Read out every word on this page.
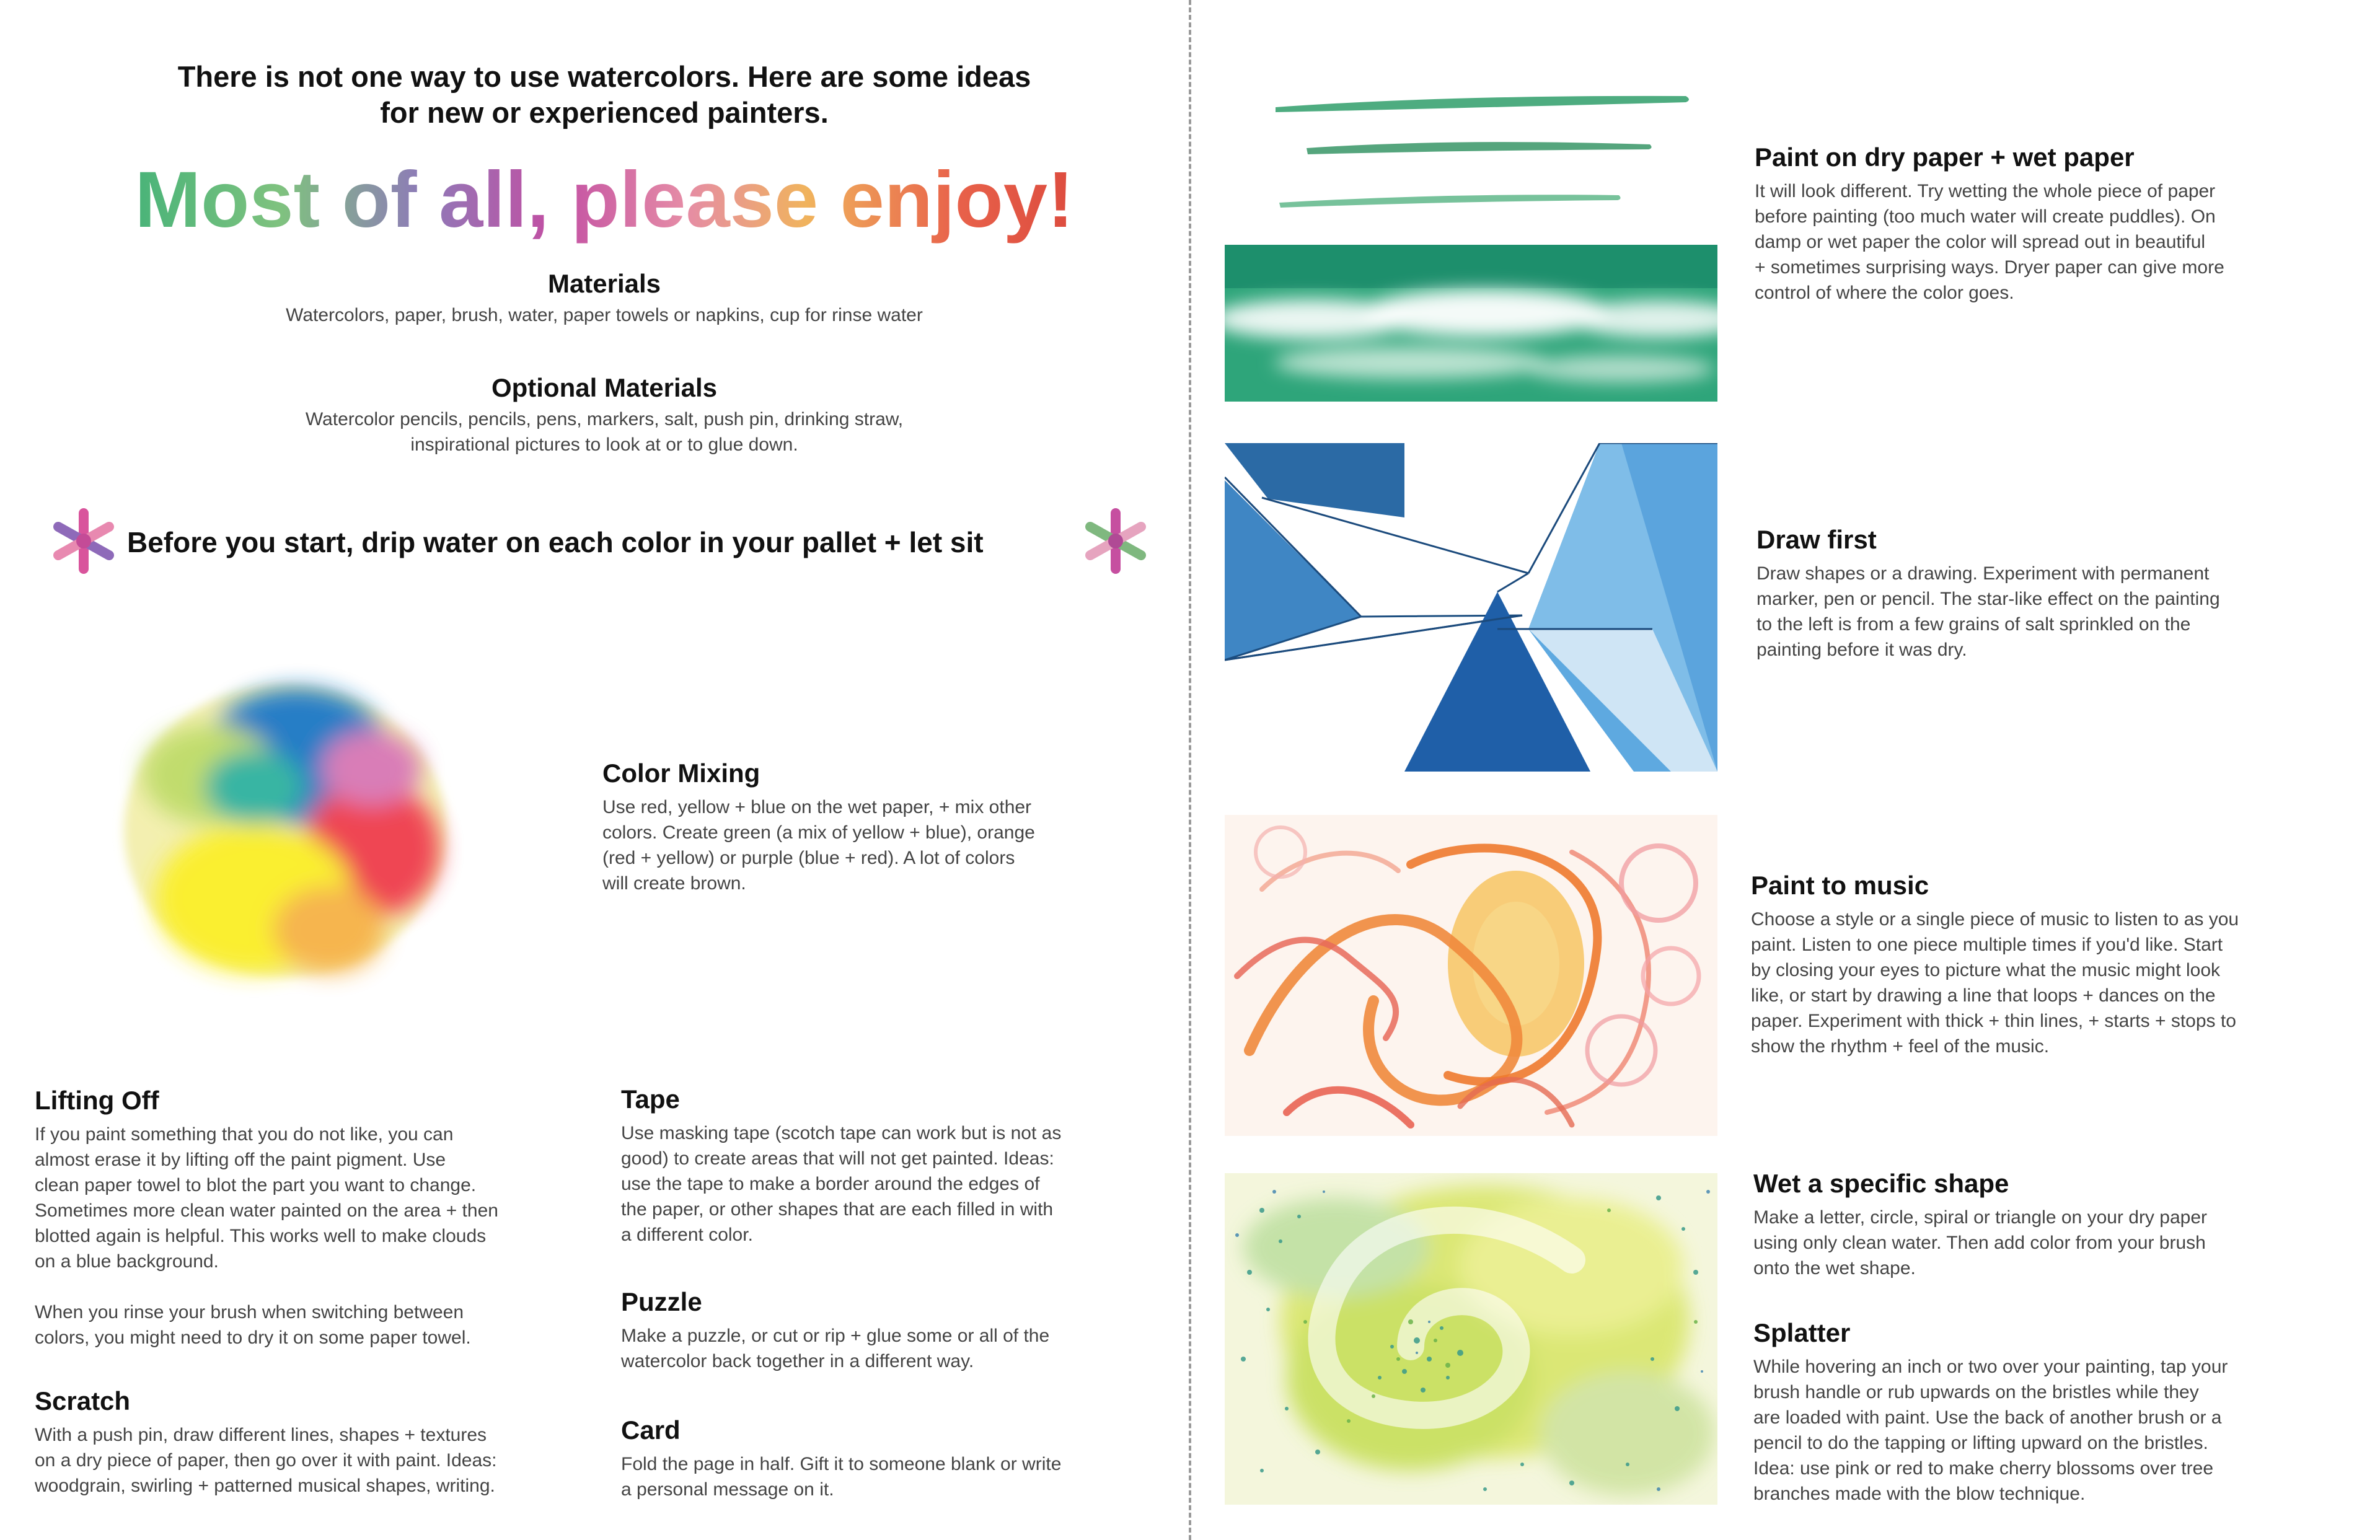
There is not one way to use watercolors. Here are some ideas
for new or experienced painters.
Most of all, please enjoy!
Materials
Watercolors, paper, brush, water, paper towels or napkins, cup for rinse water
Optional Materials
Watercolor pencils, pencils, pens, markers, salt, push pin, drinking straw,
inspirational pictures to look at or to glue down.
Before you start, drip water on each color in your pallet + let sit
Color Mixing
Use red, yellow + blue on the wet paper, + mix other
colors. Create green (a mix of yellow + blue), orange
(red + yellow) or purple (blue + red). A lot of colors
will create brown.
Lifting Off
If you paint something that you do not like, you can
almost erase it by lifting off the paint pigment. Use
clean paper towel to blot the part you want to change.
Sometimes more clean water painted on the area + then
blotted again is helpful. This works well to make clouds
on a blue background.
When you rinse your brush when switching between
colors, you might need to dry it on some paper towel.
Scratch
With a push pin, draw different lines, shapes + textures
on a dry piece of paper, then go over it with paint. Ideas:
woodgrain, swirling + patterned musical shapes, writing.
Tape
Use masking tape (scotch tape can work but is not as
good) to create areas that will not get painted. Ideas:
use the tape to make a border around the edges of
the paper, or other shapes that are each filled in with
a different color.
Puzzle
Make a puzzle, or cut or rip + glue some or all of the
watercolor back together in a different way.
Card
Fold the page in half. Gift it to someone blank or write
a personal message on it.
Paint on dry paper + wet paper
It will look different. Try wetting the whole piece of paper
before painting (too much water will create puddles). On
damp or wet paper the color will spread out in beautiful
+ sometimes surprising ways. Dryer paper can give more
control of where the color goes.
Draw first
Draw shapes or a drawing. Experiment with permanent
marker, pen or pencil. The star-like effect on the painting
to the left is from a few grains of salt sprinkled on the
painting before it was dry.
Paint to music
Choose a style or a single piece of music to listen to as you
paint. Listen to one piece multiple times if you'd like. Start
by closing your eyes to picture what the music might look
like, or start by drawing a line that loops + dances on the
paper. Experiment with thick + thin lines, + starts + stops to
show the rhythm + feel of the music.
Wet a specific shape
Make a letter, circle, spiral or triangle on your dry paper
using only clean water. Then add color from your brush
onto the wet shape.
Splatter
While hovering an inch or two over your painting, tap your
brush handle or rub upwards on the bristles while they
are loaded with paint. Use the back of another brush or a
pencil to do the tapping or lifting upward on the bristles.
Idea: use pink or red to make cherry blossoms over tree
branches made with the blow technique.
